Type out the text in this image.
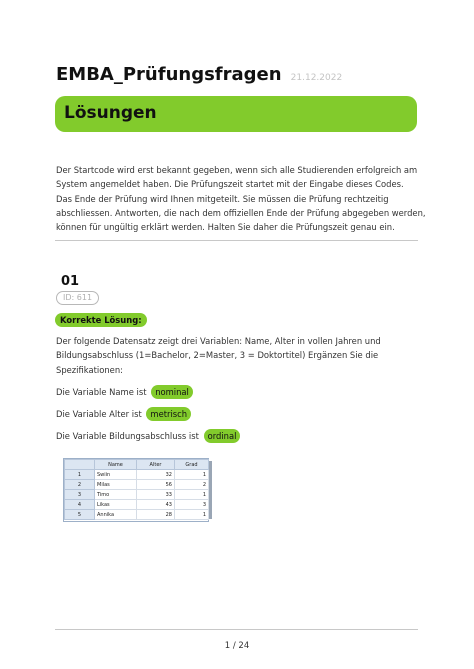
EMBA_Prüfungsfragen 21.12.2022
Lösungen
Der Startcode wird erst bekannt gegeben, wenn sich alle Studierenden erfolgreich am
System angemeldet haben. Die Prüfungszeit startet mit der Eingabe dieses Codes.
Das Ende der Prüfung wird Ihnen mitgeteilt. Sie müssen die Prüfung rechtzeitig
abschliessen. Antworten, die nach dem offiziellen Ende der Prüfung abgegeben werden,
können für ungültig erklärt werden. Halten Sie daher die Prüfungszeit genau ein.
01
ID: 611
Korrekte Lösung:
Der folgende Datensatz zeigt drei Variablen: Name, Alter in vollen Jahren und
Bildungsabschluss (1=Bachelor, 2=Master, 3 = Doktortitel) Ergänzen Sie die
Spezifikationen:
Die Variable Name ist nominal
Die Variable Alter ist metrisch
Die Variable Bildungsabschluss ist ordinal
	Name	Alter	Grad
1	Swiin	32	1
2	Milas	56	2
3	Timo	33	1
4	Likas	43	3
5	Annika	28	1
1 / 24
